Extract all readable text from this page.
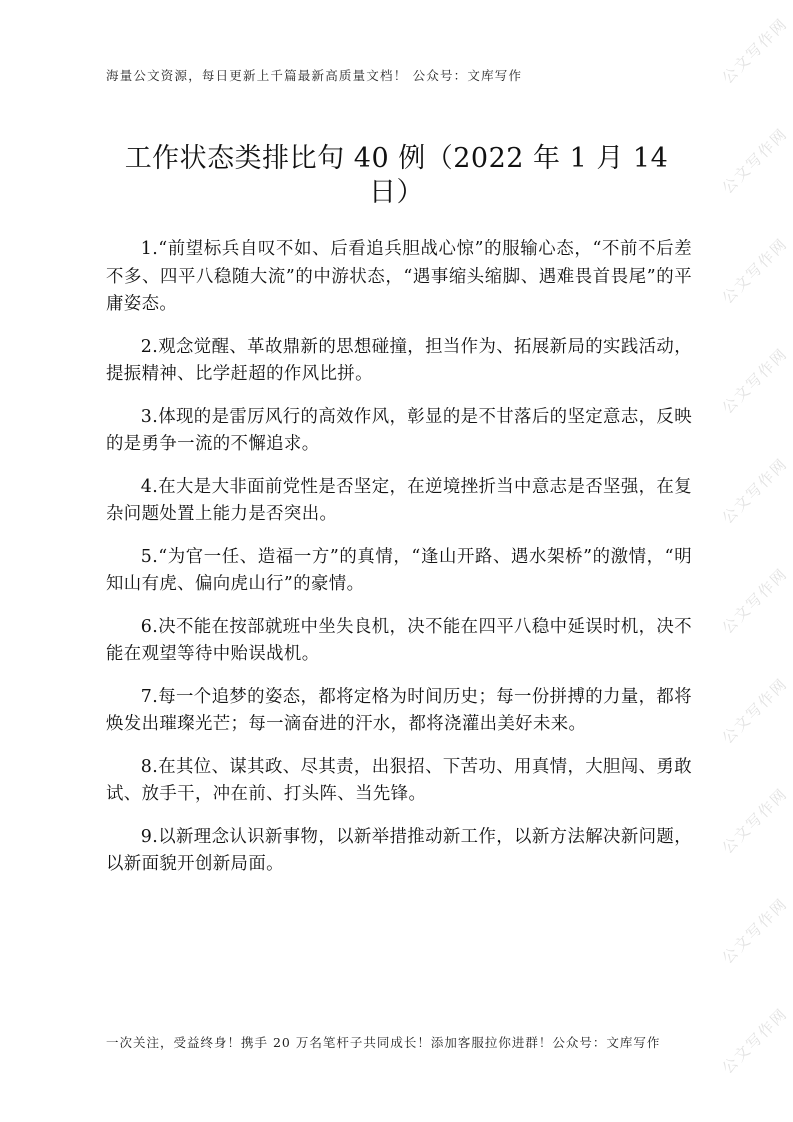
公文写作网
公文写作网
公文写作网
公文写作网
公文写作网
公文写作网
公文写作网
公文写作网
公文写作网
公文写作网
海量公文资源，每日更新上千篇最新高质量文档！ 公众号：文库写作
工作状态类排比句 40 例（2022 年 1 月 14 日）
1.“前望标兵自叹不如、后看追兵胆战心惊”的服输心态，“不前不后差不多、四平八稳随大流”的中游状态，“遇事缩头缩脚、遇难畏首畏尾”的平庸姿态。
2.观念觉醒、革故鼎新的思想碰撞，担当作为、拓展新局的实践活动，提振精神、比学赶超的作风比拼。
3.体现的是雷厉风行的高效作风，彰显的是不甘落后的坚定意志，反映的是勇争一流的不懈追求。
4.在大是大非面前党性是否坚定，在逆境挫折当中意志是否坚强，在复杂问题处置上能力是否突出。
5.“为官一任、造福一方”的真情，“逢山开路、遇水架桥”的激情，“明知山有虎、偏向虎山行”的豪情。
6.决不能在按部就班中坐失良机，决不能在四平八稳中延误时机，决不能在观望等待中贻误战机。
7.每一个追梦的姿态，都将定格为时间历史；每一份拼搏的力量，都将焕发出璀璨光芒；每一滴奋进的汗水，都将浇灌出美好未来。
8.在其位、谋其政、尽其责，出狠招、下苦功、用真情，大胆闯、勇敢试、放手干，冲在前、打头阵、当先锋。
9.以新理念认识新事物，以新举措推动新工作，以新方法解决新问题，以新面貌开创新局面。
一次关注，受益终身！携手 20 万名笔杆子共同成长！添加客服拉你进群！公众号：文库写作
